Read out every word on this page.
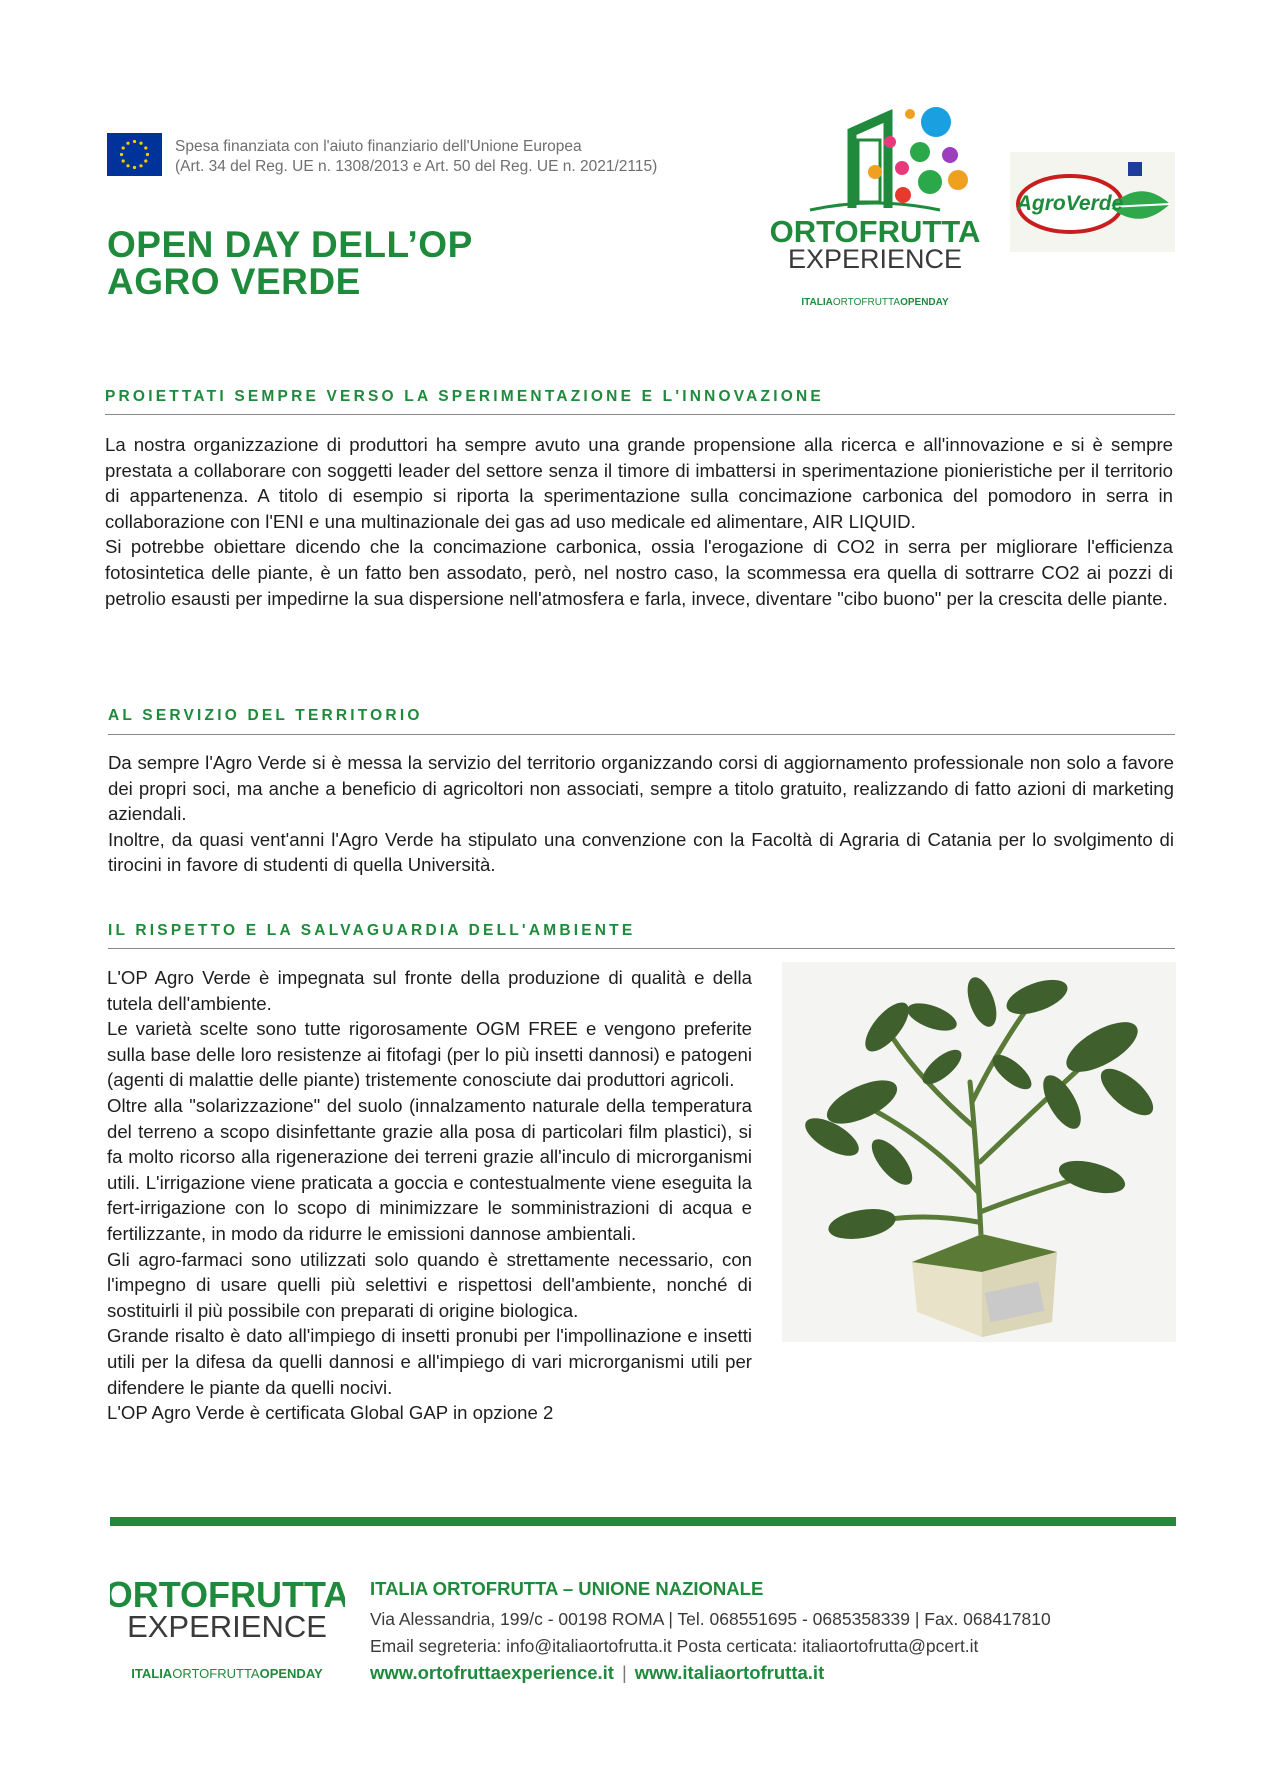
Spesa finanziata con l'aiuto finanziario dell'Unione Europea
(Art. 34 del Reg. UE n. 1308/2013 e Art. 50 del Reg. UE n. 2021/2115)
OPEN DAY DELL’OP
AGRO VERDE
ORTOFRUTTA
EXPERIENCE
ITALIAORTOFRUTTAOPENDAY
AgroVerde
PROIETTATI SEMPRE VERSO LA SPERIMENTAZIONE E L'INNOVAZIONE

La nostra organizzazione di produttori ha sempre avuto una grande propensione alla ricerca e all'innovazione e si è sempre prestata a collaborare con soggetti leader del settore senza il timore di imbattersi in sperimentazione pionieristiche per il territorio di appartenenza. A titolo di esempio si riporta la sperimentazione sulla concimazione carbonica del pomodoro in serra in collaborazione con l'ENI e una multinazionale dei gas ad uso medicale ed alimentare, AIR LIQUID.

Si potrebbe obiettare dicendo che la concimazione carbonica, ossia l'erogazione di CO2 in serra per migliorare l'efficienza fotosintetica delle piante, è un fatto ben assodato, però, nel nostro caso, la scommessa era quella di sottrarre CO2 ai pozzi di petrolio esausti per impedirne la sua dispersione nell'atmosfera e farla, invece, diventare "cibo buono" per la crescita delle piante.

AL SERVIZIO DEL TERRITORIO

Da sempre l'Agro Verde si è messa la servizio del territorio organizzando corsi di aggiornamento professionale non solo a favore dei propri soci, ma anche a beneficio di agricoltori non associati, sempre a titolo gratuito, realizzando di fatto azioni di marketing aziendali.

Inoltre, da quasi vent'anni l'Agro Verde ha stipulato una convenzione con la Facoltà di Agraria di Catania per lo svolgimento di tirocini in favore di studenti di quella Università.

IL RISPETTO E LA SALVAGUARDIA DELL'AMBIENTE

L'OP Agro Verde è impegnata sul fronte della produzione di qualità e della tutela dell'ambiente.

Le varietà scelte sono tutte rigorosamente OGM FREE e vengono preferite sulla base delle loro resistenze ai fitofagi (per lo più insetti dannosi) e patogeni (agenti di malattie delle piante) tristemente conosciute dai produttori agricoli.

Oltre alla "solarizzazione" del suolo (innalzamento naturale della temperatura del terreno a scopo disinfettante grazie alla posa di particolari film plastici), si fa molto ricorso alla rigenerazione dei terreni grazie all'inculo di microrganismi utili. L'irrigazione viene praticata a goccia e contestualmente viene eseguita la fert-irrigazione con lo scopo di minimizzare le somministrazioni di acqua e fertilizzante, in modo da ridurre le emissioni dannose ambientali.

Gli agro-farmaci sono utilizzati solo quando è strettamente necessario, con l'impegno di usare quelli più selettivi e rispettosi dell'ambiente, nonché di sostituirli il più possibile con preparati di origine biologica.

Grande risalto è dato all'impiego di insetti pronubi per l'impollinazione e insetti utili per la difesa da quelli dannosi e all'impiego di vari microrganismi utili per difendere le piante da quelli nocivi.

L'OP Agro Verde è certificata Global GAP in opzione 2

ORTOFRUTTA
EXPERIENCE
ITALIAORTOFRUTTAOPENDAY
ITALIA ORTOFRUTTA – UNIONE NAZIONALE
Via Alessandria, 199/c - 00198 ROMA | Tel. 068551695 - 0685358339 | Fax. 068417810
Email segreteria: info@italiaortofrutta.it Posta certicata: italiaortofrutta@pcert.it
www.ortofruttaexperience.it | www.italiaortofrutta.it
